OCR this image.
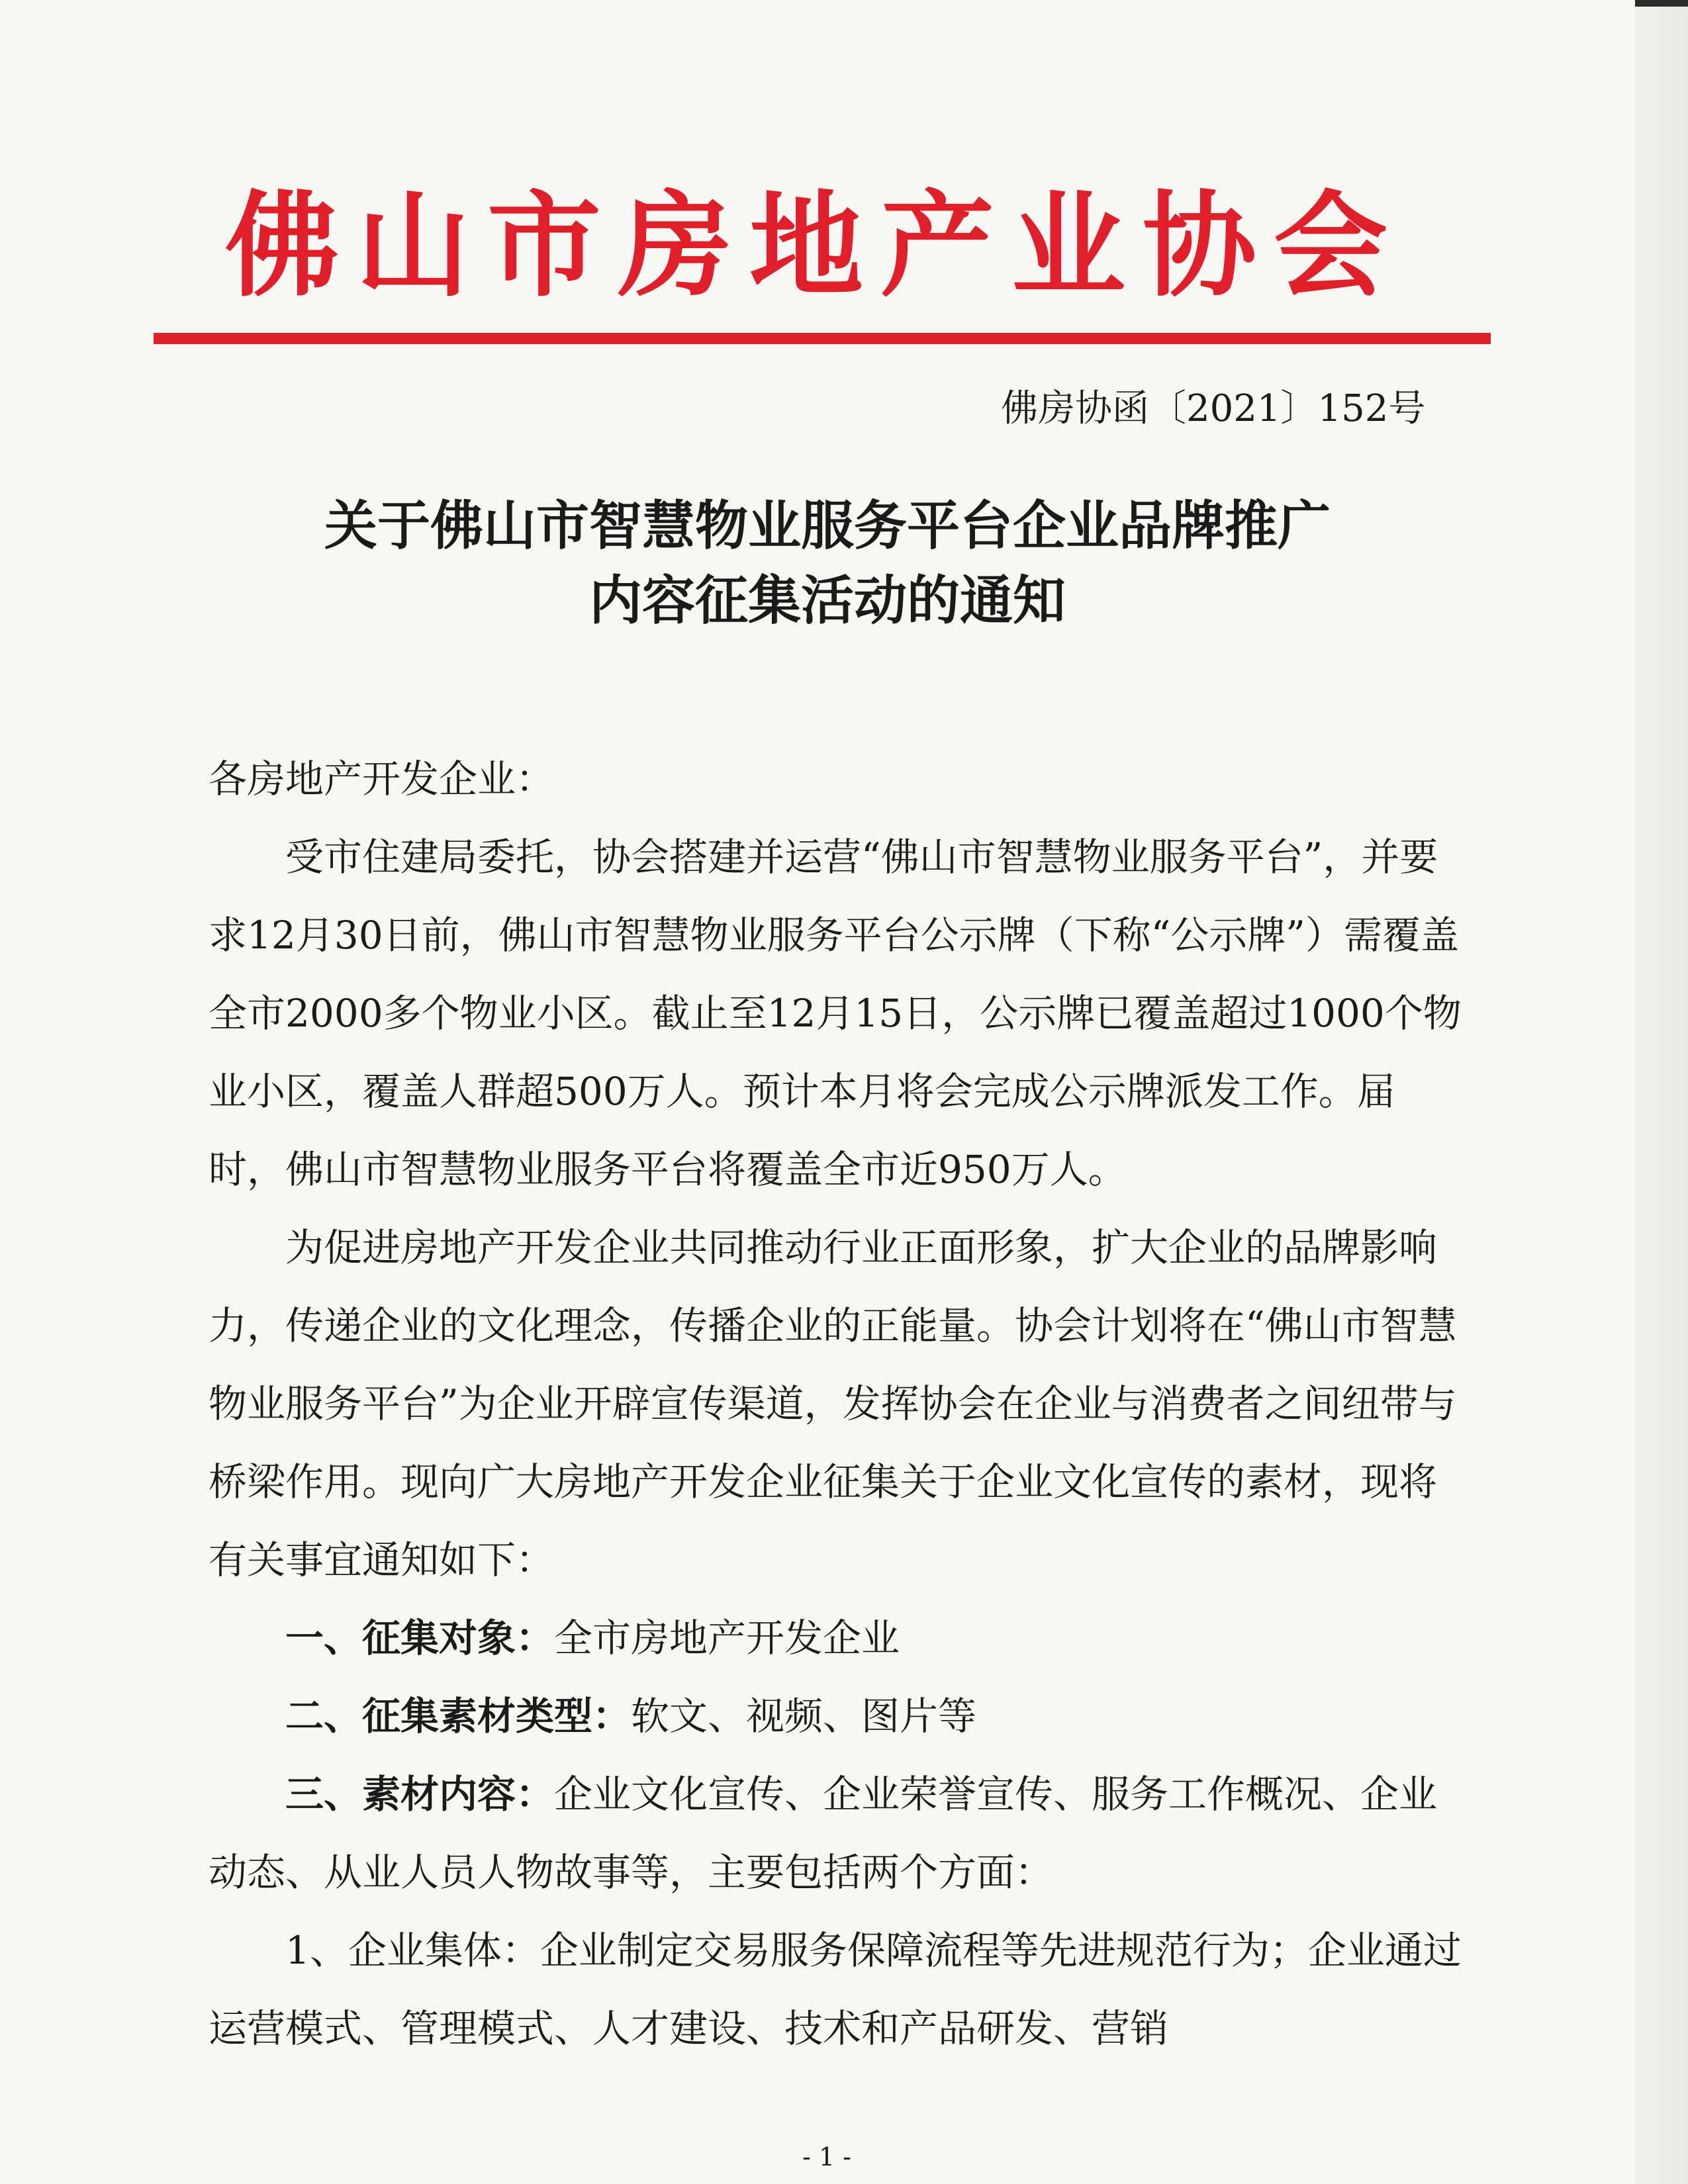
佛山市房地产业协会
佛房协函〔2021〕152号
关于佛山市智慧物业服务平台企业品牌推广
内容征集活动的通知

各房地产开发企业：

受市住建局委托，协会搭建并运营“佛山市智慧物业服务平台”，并要求12月30日前，佛山市智慧物业服务平台公示牌（下称“公示牌”）需覆盖全市2000多个物业小区。截止至12月15日，公示牌已覆盖超过1000个物业小区，覆盖人群超500万人。预计本月将会完成公示牌派发工作。届时，佛山市智慧物业服务平台将覆盖全市近950万人。

为促进房地产开发企业共同推动行业正面形象，扩大企业的品牌影响力，传递企业的文化理念，传播企业的正能量。协会计划将在“佛山市智慧物业服务平台”为企业开辟宣传渠道，发挥协会在企业与消费者之间纽带与桥梁作用。现向广大房地产开发企业征集关于企业文化宣传的素材，现将有关事宜通知如下：

一、征集对象：全市房地产开发企业

二、征集素材类型：软文、视频、图片等

三、素材内容：企业文化宣传、企业荣誉宣传、服务工作概况、企业动态、从业人员人物故事等，主要包括两个方面：

1、企业集体：企业制定交易服务保障流程等先进规范行为；企业通过运营模式、管理模式、人才建设、技术和产品研发、营销

- 1 -
